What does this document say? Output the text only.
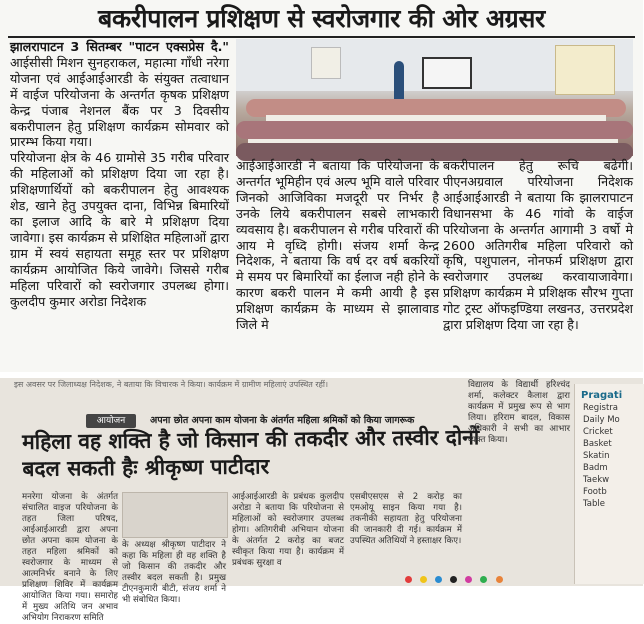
बकरीपालन प्रशिक्षण से स्वरोजगार की ओर अग्रसर

झालरापाटन 3 सितम्बर "पाटन एक्सप्रेस दै." आईसीसी मिशन सुनहराकल, महात्मा गाँधी नरेगा योजना एवं आईआईआरडी के संयुक्त तत्वाधान में वाईज परियोजना के अन्तर्गत कृषक प्रशिक्षण केन्द्र पंजाब नेशनल बैंक पर 3 दिवसीय बकरीपालन हेतु प्रशिक्षण कार्यक्रम सोमवार को प्रारम्भ किया गया।

परियोजना क्षेत्र के 46 ग्रामोसे 35 गरीब परिवार की महिलाओं को प्रशिक्षण दिया जा रहा है। प्रशिक्षणार्थियों को बकरीपालन हेतु आवश्यक शेड, खाने हेतु उपयुक्त दाना, विभिन्न बिमारियों का इलाज आदि के बारे मे प्रशिक्षण दिया जावेगा। इस कार्यक्रम से प्रशिक्षित महिलाओं द्वारा ग्राम में स्वयं सहायता समूह स्तर पर प्रशिक्षण कार्यक्रम आयोजित किये जावेगे। जिससे गरीब महिला परिवारों को स्वरोजगार उपलब्ध होगा। कुलदीप कुमार अरोडा निदेशक

आईआईआरडी ने बताया कि परियोजना के अन्तर्गत भूमिहीन एवं अल्प भूमि वाले परिवार जिनको आजिविका मजदूरी पर निर्भर है उनके लिये बकरीपालन सबसे लाभकारी व्यवसाय है। बकरीपालन से गरीब परिवारों की आय मे वृध्दि होगी। संजय शर्मा केन्द्र निदेशक, ने बताया कि वर्ष दर वर्ष बकरियों मे समय पर बिमारियों का ईलाज नही होने के कारण बकरी पालन मे कमी आयी है इस प्रशिक्षण कार्यक्रम के माध्यम से झालावाड जिले मे

बकरीपालन हेतु रूचि बढेगी। पीएनअग्रवाल परियोजना निदेशक आईआईआरडी ने बताया कि झालरापाटन विधानसभा के 46 गांवो के वाईज परियोजना के अन्तर्गत आगामी 3 वर्षो मे 2600 अतिगरीब महिला परिवारो को कृषि, पशुपालन, नोनफर्म प्रशिक्षण द्वारा स्वरोजगार उपलब्ध करवायाजावेगा। प्रशिक्षण कार्यक्रम मे प्रशिक्षक सौरभ गुप्ता गोट ट्रस्ट ऑफइण्डिया लखनउ, उत्तरप्रदेश द्वारा प्रशिक्षण दिया जा रहा है।

इस अवसर पर जिलाध्यक्ष निदेशक, ने बताया कि विचारक ने किया। कार्यक्रम में ग्रामीण महिलाएं उपस्थित रहीं।
आयोजन	अपना छोत अपना काम योजना के अंतर्गत महिला श्रमिकों को किया जागरूक
महिला वह शक्ति है जो किसान की तकदीर और तस्वीर दोनों बदल सकती हैः श्रीकृष्ण पाटीदार

मनरेगा योजना के अंतर्गत संचालित वाइज परियोजना के तहत जिला परिषद, आईआईआरडी द्वारा अपना छोत अपना काम योजना के तहत महिला श्रमिकों को स्वरोजगार के माध्यम से आत्मनिर्भर बनाने के लिए प्रशिक्षण शिविर में कार्यक्रम आयोजित किया गया। समारोह में मुख्य अतिथि जन अभाव अभियोग निराकरण समिति

के अध्यक्ष श्रीकृष्ण पाटीदार ने कहा कि महिला ही वह शक्ति है जो किसान की तकदीर और तस्वीर बदल सकती है। प्रमुख टीएनकुमारी बीटी, संजय शर्मा ने भी संबोधित किया।

आईआईआरडी के प्रबंधक कुलदीप अरोडा ने बताया कि परियोजना से महिलाओं को स्वरोजगार उपलब्ध होगा। अतिगरीबी अभियान योजना के अंतर्गत 2 करोड़ का बजट स्वीकृत किया गया है। कार्यक्रम में प्रबंधक सुरक्षा व

एसबीएसएस से 2 करोड़ का एमओयू साइन किया गया है। तकनीकी सहायता हेतु परियोजना की जानकारी दी गई। कार्यक्रम में उपस्थित अतिथियों ने हस्ताक्षर किए।

विद्यालय के विद्यार्थी हरिश्चंद शर्मा, कलेक्टर कैलाश द्वारा कार्यक्रम में प्रमुख रूप से भाग लिया। हरिराम बादल, विकास अधिकारी ने सभी का आभार व्यक्त किया।

Pragati
Registra
Daily Mo
Cricket
Basket
Skatin
Badm
Taekw
Footb
Table
